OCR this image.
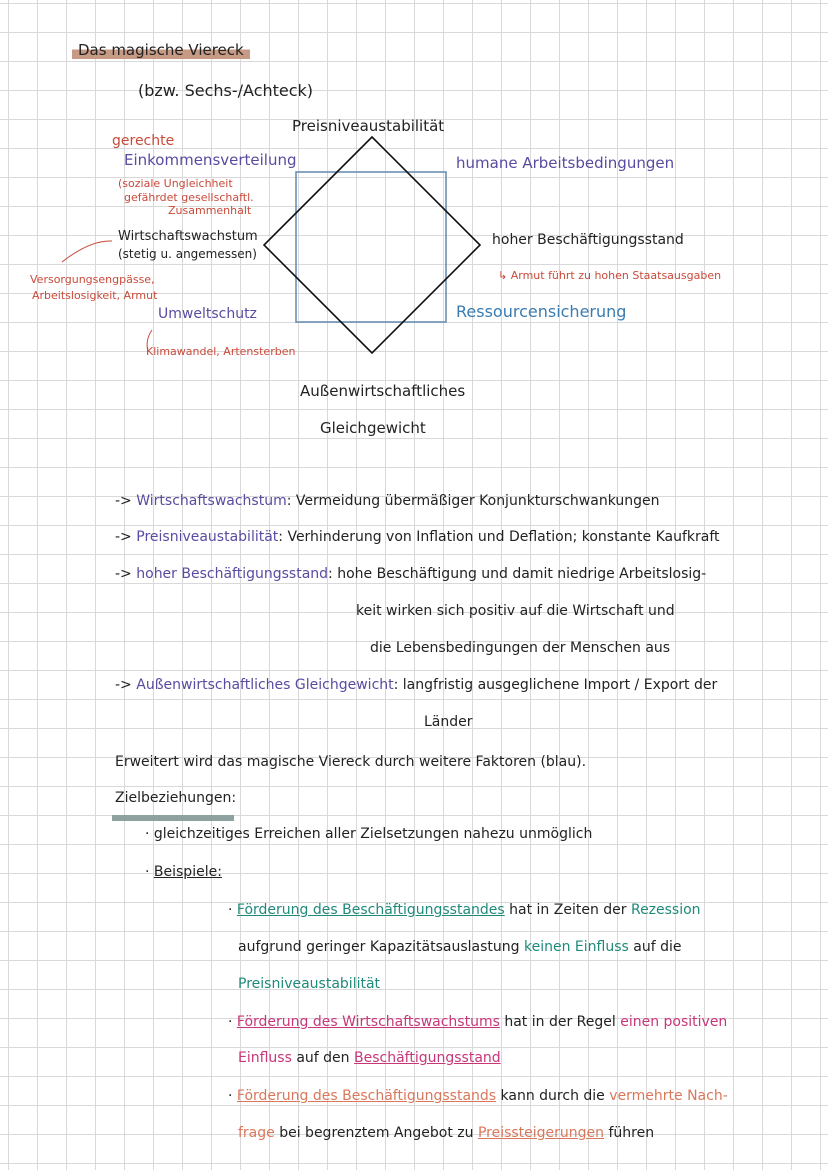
Das magische Viereck
(bzw. Sechs-/Achteck)
Preisniveaustabilität
gerechte
Einkommensverteilung
(soziale Ungleichheit
gefährdet gesellschaftl.
Zusammenhalt
Wirtschaftswachstum
(stetig u. angemessen)
Versorgungsengpässe,
Arbeitslosigkeit, Armut
Umweltschutz
Klimawandel, Artensterben
humane Arbeitsbedingungen
hoher Beschäftigungsstand
↳ Armut führt zu hohen Staatsausgaben
Ressourcensicherung
Außenwirtschaftliches
Gleichgewicht
-> Wirtschaftswachstum: Vermeidung übermäßiger Konjunkturschwankungen
-> Preisniveaustabilität: Verhinderung von Inflation und Deflation; konstante Kaufkraft
-> hoher Beschäftigungsstand: hohe Beschäftigung und damit niedrige Arbeitslosig-
keit wirken sich positiv auf die Wirtschaft und
die Lebensbedingungen der Menschen aus
-> Außenwirtschaftliches Gleichgewicht: langfristig ausgeglichene Import / Export der
Länder
Erweitert wird das magische Viereck durch weitere Faktoren (blau).
Zielbeziehungen:
· gleichzeitiges Erreichen aller Zielsetzungen nahezu unmöglich
· Beispiele:
· Förderung des Beschäftigungsstandes hat in Zeiten der Rezession
aufgrund geringer Kapazitätsauslastung keinen Einfluss auf die
Preisniveaustabilität
· Förderung des Wirtschaftswachstums hat in der Regel einen positiven
Einfluss auf den Beschäftigungsstand
· Förderung des Beschäftigungsstands kann durch die vermehrte Nach-
frage bei begrenztem Angebot zu Preissteigerungen führen
